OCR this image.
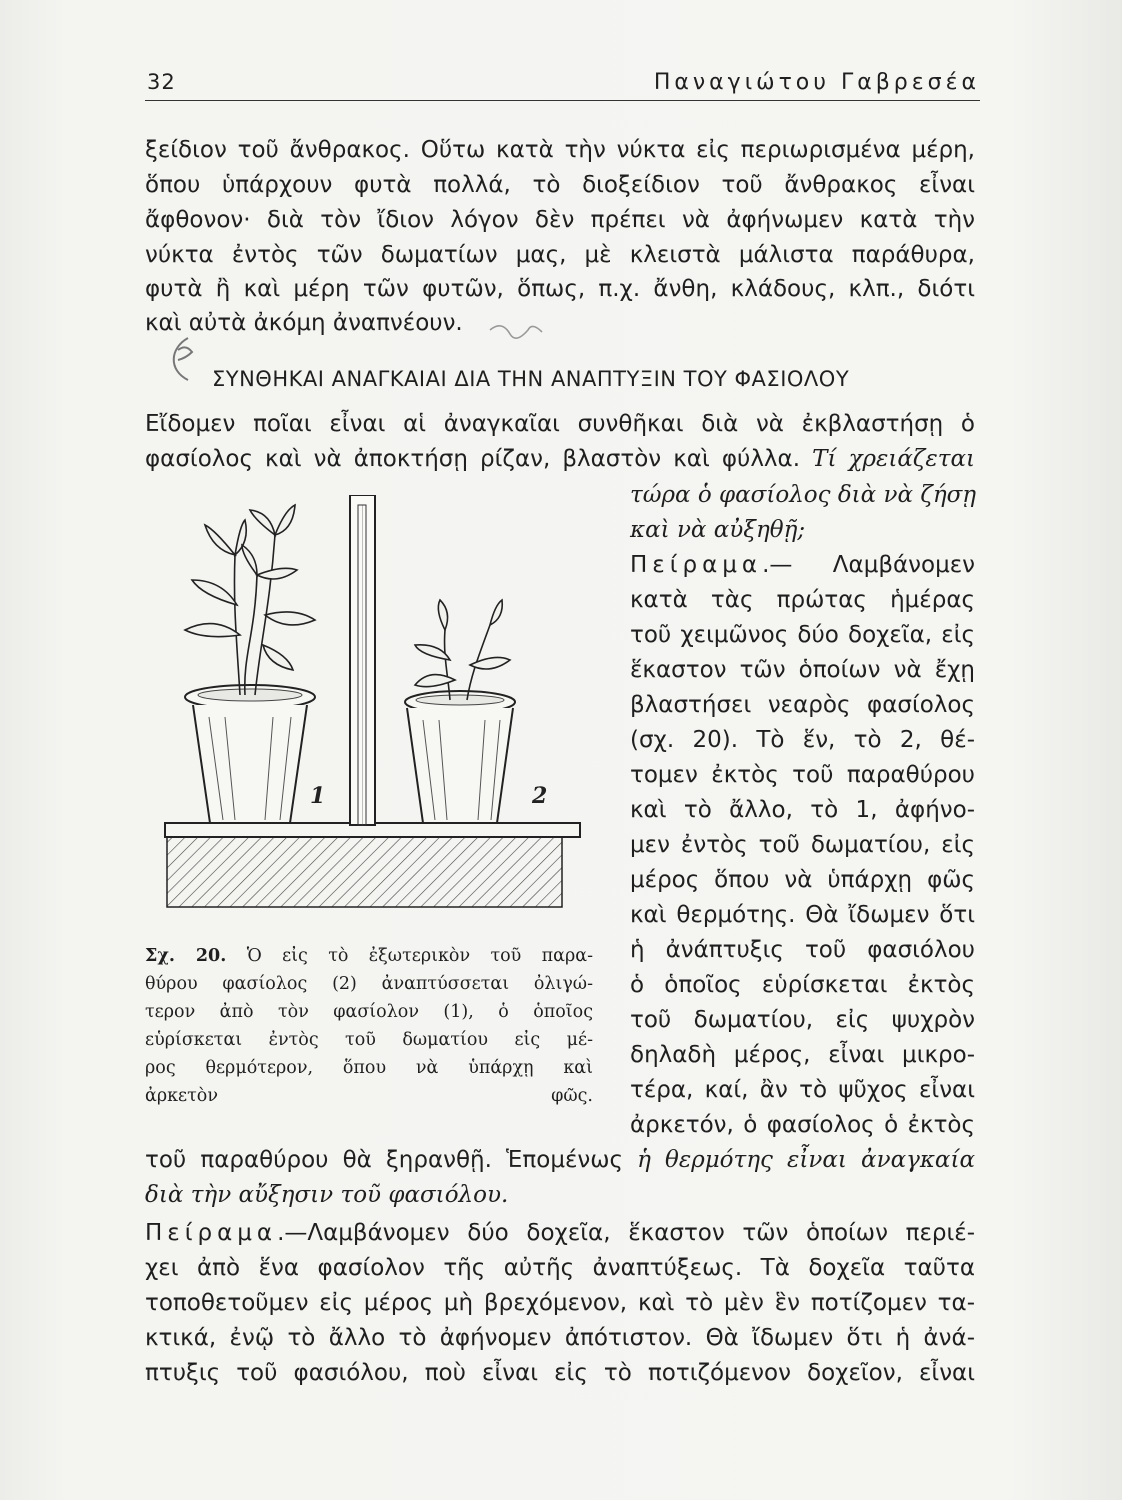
32	Παναγιώτου Γαβρεσέα
ξείδιον τοῦ ἄνθρακος. Οὕτω κατὰ τὴν νύκτα εἰς περιωρισμένα μέρη,
ὅπου ὑπάρχουν φυτὰ πολλά, τὸ διοξείδιον τοῦ ἄνθρακος εἶναι
ἄφθονον· διὰ τὸν ἴδιον λόγον δὲν πρέπει νὰ ἀφήνωμεν κατὰ τὴν
νύκτα ἐντὸς τῶν δωματίων μας, μὲ κλειστὰ μάλιστα παράθυρα,
φυτὰ ἢ καὶ μέρη τῶν φυτῶν, ὅπως, π.χ. ἄνθη, κλάδους, κλπ., διότι
καὶ αὐτὰ ἀκόμη ἀναπνέουν.
ΣΥΝΘΗΚΑΙ ΑΝΑΓΚΑΙΑΙ ΔΙΑ ΤΗΝ ΑΝΑΠΤΥΞΙΝ ΤΟΥ ΦΑΣΙΟΛΟΥ
Εἴδομεν ποῖαι εἶναι αἱ ἀναγκαῖαι συνθῆκαι διὰ νὰ ἐκβλαστήσῃ ὁ
φασίολος καὶ νὰ ἀποκτήσῃ ρίζαν, βλαστὸν καὶ φύλλα. Τί χρειάζεται
τώρα ὁ φασίολος διὰ νὰ ζήσῃ
καὶ νὰ αὐξηθῇ;
Πείραμα.— Λαμβάνομεν
κατὰ τὰς πρώτας ἡμέρας
τοῦ χειμῶνος δύο δοχεῖα, εἰς
ἕκαστον τῶν ὁποίων νὰ ἔχῃ
βλαστήσει νεαρὸς φασίολος
(σχ. 20). Τὸ ἕν, τὸ 2, θέ-
τομεν ἐκτὸς τοῦ παραθύρου
καὶ τὸ ἄλλο, τὸ 1, ἀφήνο-
μεν ἐντὸς τοῦ δωματίου, εἰς
μέρος ὅπου νὰ ὑπάρχῃ φῶς
καὶ θερμότης. Θὰ ἴδωμεν ὅτι
ἡ ἀνάπτυξις τοῦ φασιόλου
ὁ ὁποῖος εὑρίσκεται ἐκτὸς
τοῦ δωματίου, εἰς ψυχρὸν
δηλαδὴ μέρος, εἶναι μικρο-
τέρα, καί, ἂν τὸ ψῦχος εἶναι
ἀρκετόν, ὁ φασίολος ὁ ἐκτὸς
τοῦ παραθύρου θὰ ξηρανθῇ. Ἑπομένως ἡ θερμότης εἶναι ἀναγκαία
διὰ τὴν αὔξησιν τοῦ φασιόλου.
1	2
Σχ. 20. Ὁ εἰς τὸ ἐξωτερικὸν τοῦ παρα-
θύρου φασίολος (2) ἀναπτύσσεται ὀλιγώ-
τερον ἀπὸ τὸν φασίολον (1), ὁ ὁποῖος
εὑρίσκεται ἐντὸς τοῦ δωματίου εἰς μέ-
ρος θερμότερον, ὅπου νὰ ὑπάρχῃ καὶ
ἀρκετὸν φῶς.
Πείραμα.—Λαμβάνομεν δύο δοχεῖα, ἕκαστον τῶν ὁποίων περιέ-
χει ἀπὸ ἕνα φασίολον τῆς αὐτῆς ἀναπτύξεως. Τὰ δοχεῖα ταῦτα
τοποθετοῦμεν εἰς μέρος μὴ βρεχόμενον, καὶ τὸ μὲν ἓν ποτίζομεν τα-
κτικά, ἐνῷ τὸ ἄλλο τὸ ἀφήνομεν ἀπότιστον. Θὰ ἴδωμεν ὅτι ἡ ἀνά-
πτυξις τοῦ φασιόλου, ποὺ εἶναι εἰς τὸ ποτιζόμενον δοχεῖον, εἶναι
